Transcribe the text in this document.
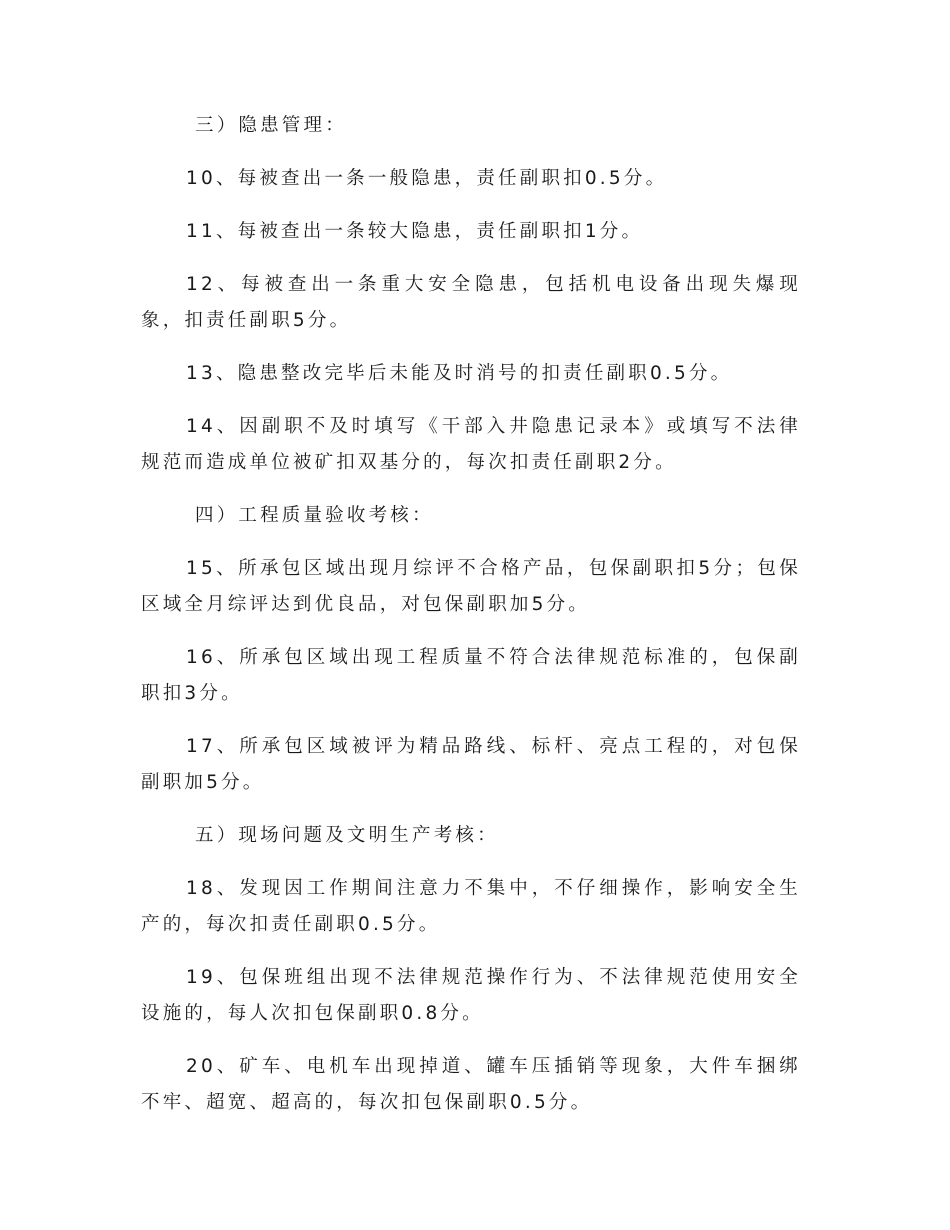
三）隐患管理：

10、每被查出一条一般隐患，责任副职扣0.5分。

11、每被查出一条较大隐患，责任副职扣1分。

12、每被查出一条重大安全隐患，包括机电设备出现失爆现象，扣责任副职5分。

13、隐患整改完毕后未能及时消号的扣责任副职0.5分。

14、因副职不及时填写《干部入井隐患记录本》或填写不法律规范而造成单位被矿扣双基分的，每次扣责任副职2分。

四）工程质量验收考核：

15、所承包区域出现月综评不合格产品，包保副职扣5分；包保区域全月综评达到优良品，对包保副职加5分。

16、所承包区域出现工程质量不符合法律规范标准的，包保副职扣3分。

17、所承包区域被评为精品路线、标杆、亮点工程的，对包保副职加5分。

五）现场问题及文明生产考核：

18、发现因工作期间注意力不集中，不仔细操作，影响安全生产的，每次扣责任副职0.5分。

19、包保班组出现不法律规范操作行为、不法律规范使用安全设施的，每人次扣包保副职0.8分。

20、矿车、电机车出现掉道、罐车压插销等现象，大件车捆绑不牢、超宽、超高的，每次扣包保副职0.5分。
